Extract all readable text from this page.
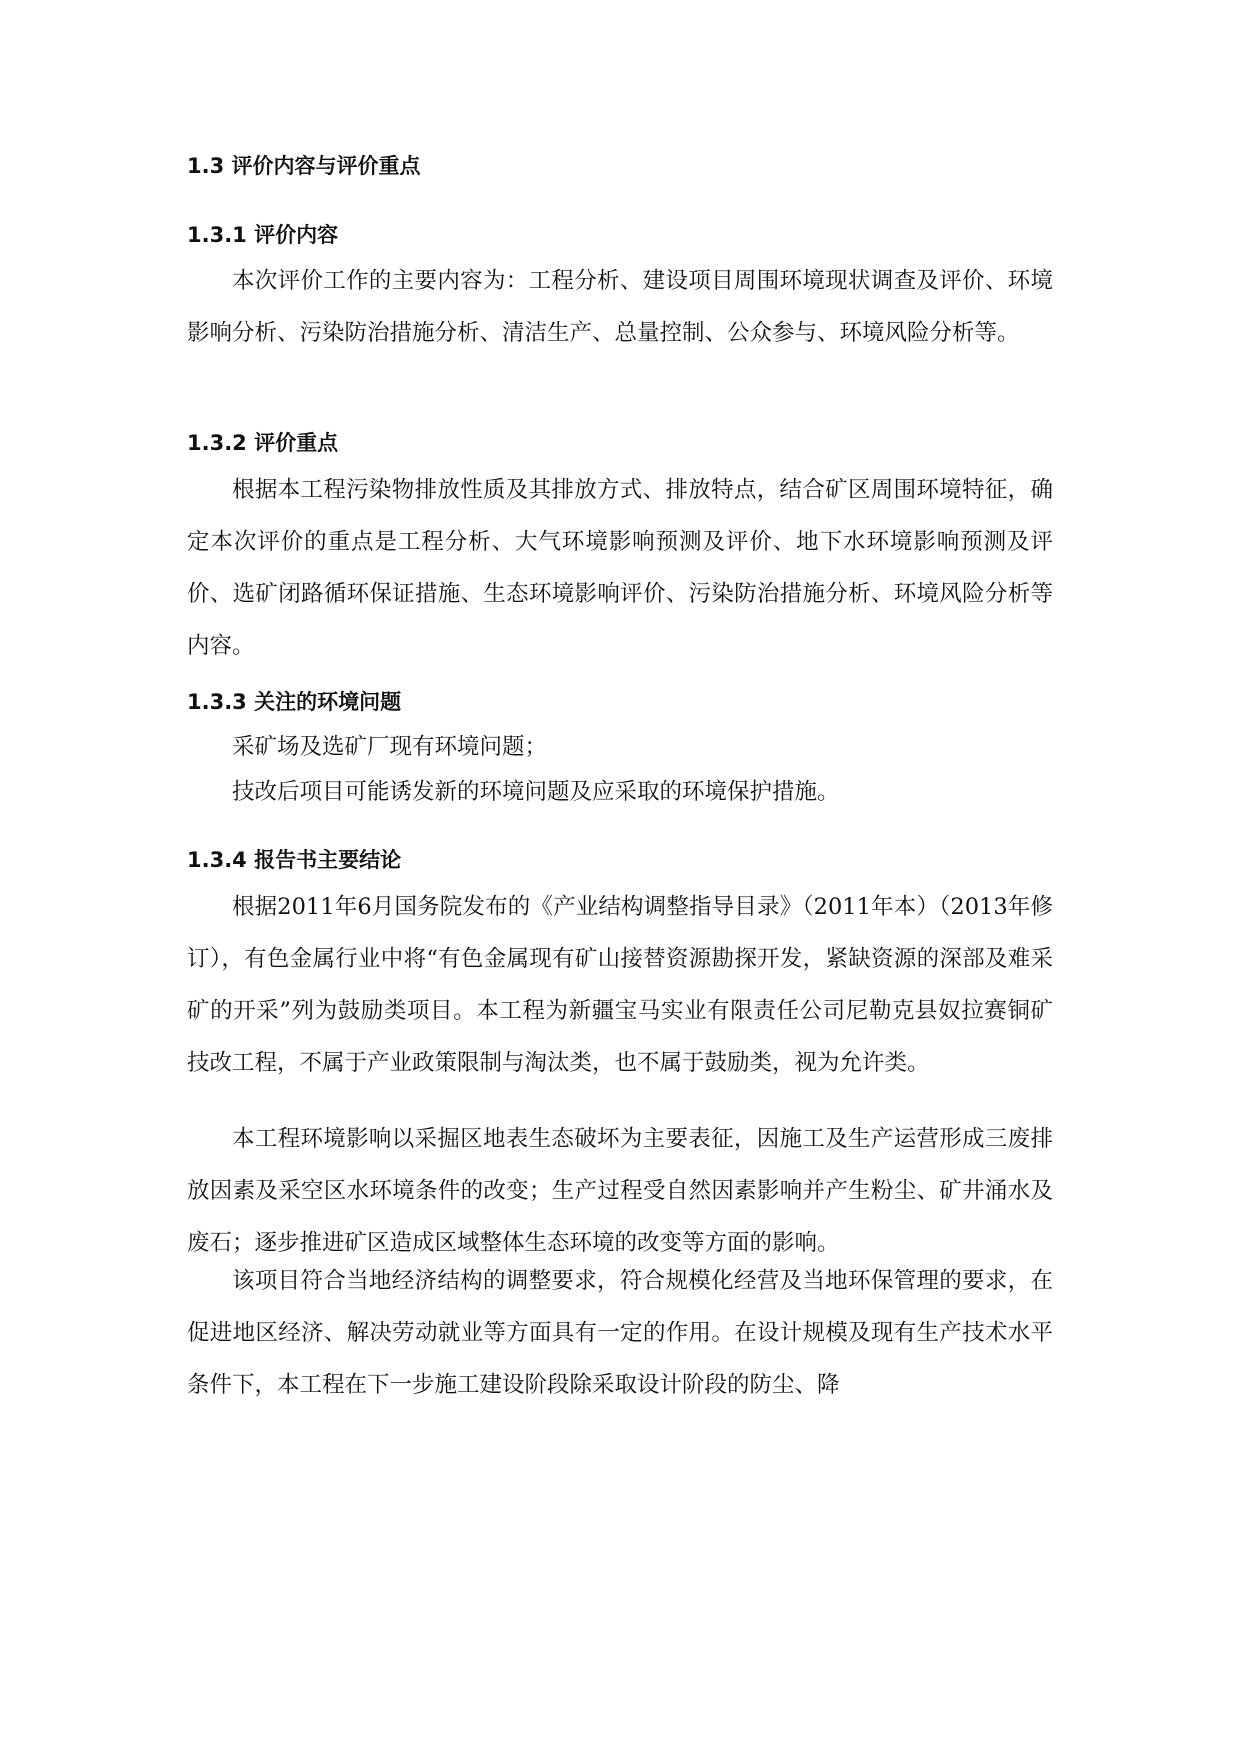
1.3 评价内容与评价重点
1.3.1 评价内容

本次评价工作的主要内容为：工程分析、建设项目周围环境现状调查及评价、环境影响分析、污染防治措施分析、清洁生产、总量控制、公众参与、环境风险分析等。

1.3.2 评价重点

根据本工程污染物排放性质及其排放方式、排放特点，结合矿区周围环境特征，确定本次评价的重点是工程分析、大气环境影响预测及评价、地下水环境影响预测及评价、选矿闭路循环保证措施、生态环境影响评价、污染防治措施分析、环境风险分析等内容。

1.3.3 关注的环境问题

采矿场及选矿厂现有环境问题；

技改后项目可能诱发新的环境问题及应采取的环境保护措施。

1.3.4 报告书主要结论

根据2011年6月国务院发布的《产业结构调整指导目录》（2011年本）（2013年修订），有色金属行业中将“有色金属现有矿山接替资源勘探开发，紧缺资源的深部及难采矿的开采”列为鼓励类项目。本工程为新疆宝马实业有限责任公司尼勒克县奴拉赛铜矿技改工程，不属于产业政策限制与淘汰类，也不属于鼓励类，视为允许类。

本工程环境影响以采掘区地表生态破坏为主要表征，因施工及生产运营形成三废排放因素及采空区水环境条件的改变；生产过程受自然因素影响并产生粉尘、矿井涌水及废石；逐步推进矿区造成区域整体生态环境的改变等方面的影响。

该项目符合当地经济结构的调整要求，符合规模化经营及当地环保管理的要求，在促进地区经济、解决劳动就业等方面具有一定的作用。在设计规模及现有生产技术水平条件下，本工程在下一步施工建设阶段除采取设计阶段的防尘、降
